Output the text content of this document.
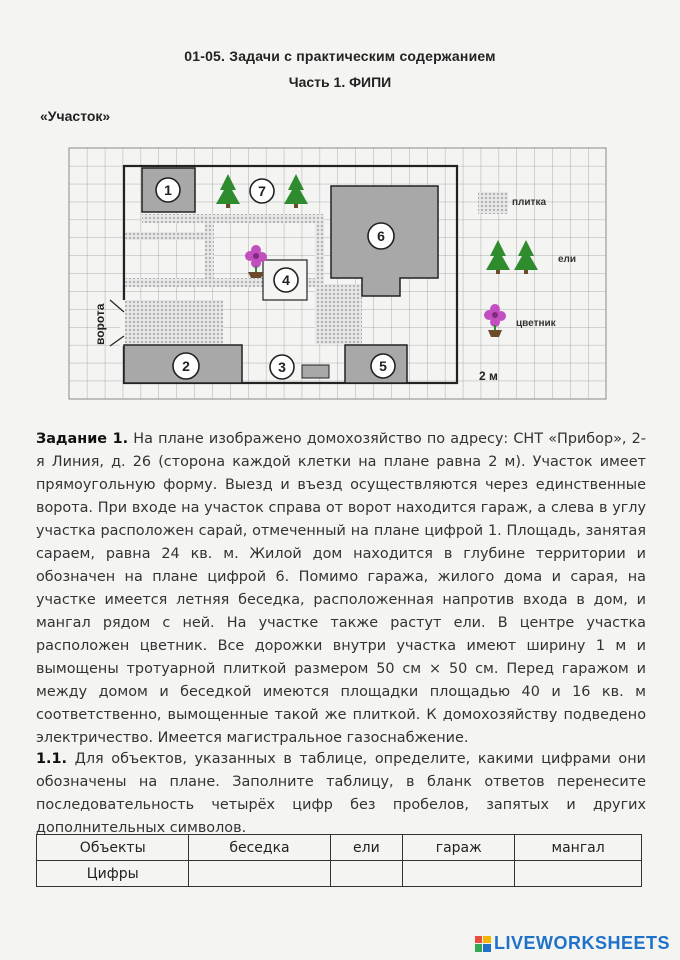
01-05. Задачи с практическим содержанием
Часть 1. ФИПИ
«Участок»
1
2	3
4
5
6
7
ворота
плитка
ели
цветник
2 м
Задание 1. На плане изображено домохозяйство по адресу: СНТ «Прибор», 2-я Линия, д. 26 (сторона каждой клетки на плане равна 2 м). Участок имеет прямоугольную форму. Выезд и въезд осуществляются через единственные ворота. При входе на участок справа от ворот находится гараж, а слева в углу участка расположен сарай, отмеченный на плане цифрой 1. Площадь, занятая сараем, равна 24 кв. м. Жилой дом находится в глубине территории и обозначен на плане цифрой 6. Помимо гаража, жилого дома и сарая, на участке имеется летняя беседка, расположенная напротив входа в дом, и мангал рядом с ней. На участке также растут ели. В центре участка расположен цветник. Все дорожки внутри участка имеют ширину 1 м и вымощены тротуарной плиткой размером 50 см × 50 см. Перед гаражом и между домом и беседкой имеются площадки площадью 40 и 16 кв. м соответственно, вымощенные такой же плиткой. К домохозяйству подведено электричество. Имеется магистральное газоснабжение.
1.1. Для объектов, указанных в таблице, определите, какими цифрами они обозначены на плане. Заполните таблицу, в бланк ответов перенесите последовательность четырёх цифр без пробелов, запятых и других дополнительных символов.
Объекты	беседка	ели	гараж	мангал
Цифры				
LIVEWORKSHEETS
